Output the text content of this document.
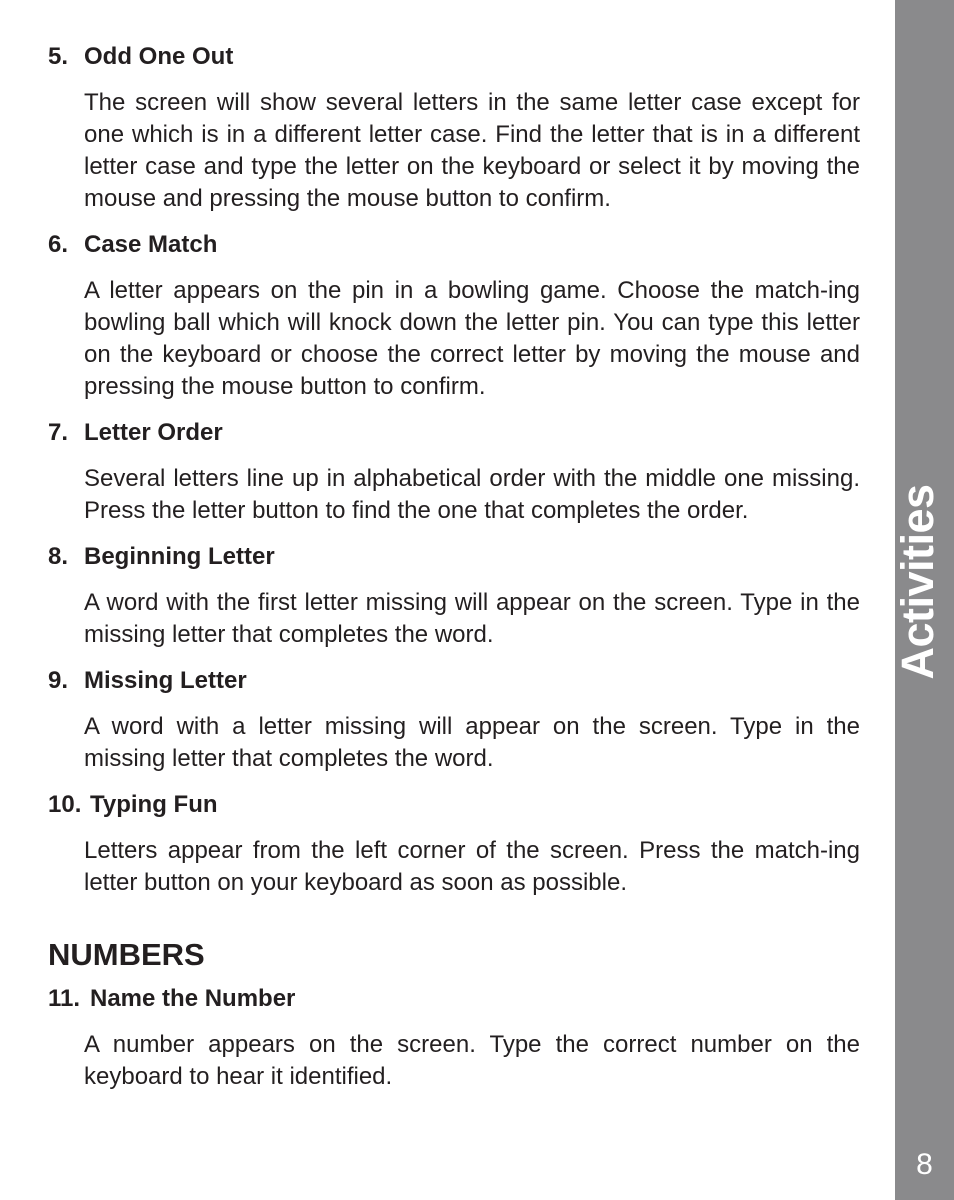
Activities
8
5. Odd One Out
The screen will show several letters in the same letter case except for one which is in a different letter case. Find the letter that is in a different letter case and type the letter on the keyboard or select it by moving the mouse and pressing the mouse button to confirm.
6. Case Match
A letter appears on the pin in a bowling game. Choose the match-ing bowling ball which will knock down the letter pin. You can type this letter on the keyboard or choose the correct letter by moving the mouse and pressing the mouse button to confirm.
7. Letter Order
Several letters line up in alphabetical order with the middle one missing. Press the letter button to find the one that completes the order.
8. Beginning Letter
A word with the first letter missing will appear on the screen. Type in the missing letter that completes the word.
9. Missing Letter
A word with a letter missing will appear on the screen. Type in the missing letter that completes the word.
10. Typing Fun
Letters appear from the left corner of the screen. Press the match-ing letter button on your keyboard as soon as possible.
NUMBERS
11. Name the Number
A number appears on the screen. Type the correct number on the keyboard to hear it identified.
